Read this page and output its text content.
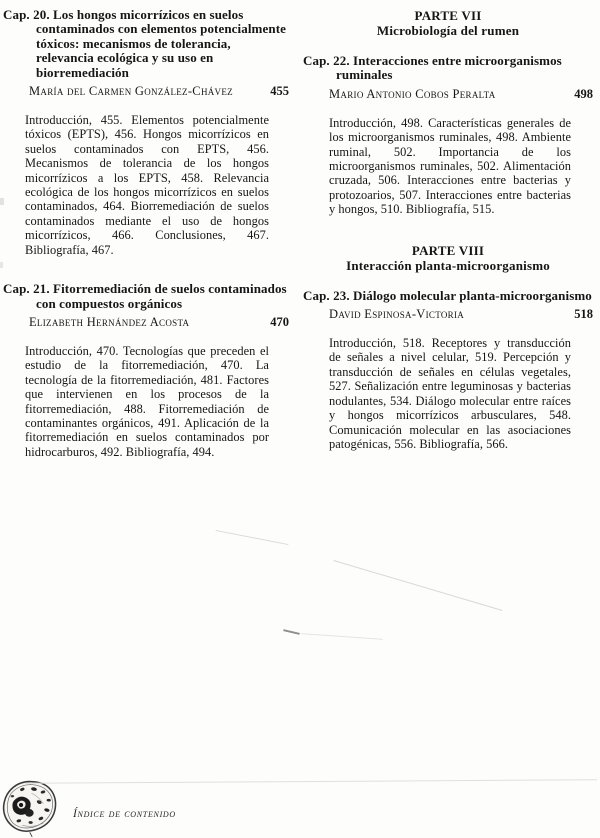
Cap. 20. Los hongos micorrízicos en suelos contaminados con elementos potencialmente tóxicos: mecanismos de tolerancia, relevancia ecológica y su uso en biorremediación
María del Carmen González-Chávez	455

Introducción, 455. Elementos potencialmente tóxicos (EPTS), 456. Hongos micorrízicos en suelos contaminados con EPTS, 456. Mecanismos de tolerancia de los hongos micorrízicos a los EPTS, 458. Relevancia ecológica de los hongos micorrízicos en suelos contaminados, 464. Biorremediación de suelos contaminados mediante el uso de hongos micorrízicos, 466. Conclusiones, 467. Bibliografía, 467.

Cap. 21. Fitorremediación de suelos contaminados con compuestos orgánicos
Elizabeth Hernández Acosta	470

Introducción, 470. Tecnologías que preceden el estudio de la fitorremediación, 470. La tecnología de la fitorremediación, 481. Factores que intervienen en los procesos de la fitorremediación, 488. Fitorremediación de contaminantes orgánicos, 491. Aplicación de la fitorremediación en suelos contaminados por hidrocarburos, 492. Bibliografía, 494.

PARTE VII
Microbiología del rumen
Cap. 22. Interacciones entre microorganismos ruminales
Mario Antonio Cobos Peralta	498

Introducción, 498. Características generales de los microorganismos ruminales, 498. Ambiente ruminal, 502. Importancia de los microorganismos ruminales, 502. Alimentación cruzada, 506. Interacciones entre bacterias y protozoarios, 507. Interacciones entre bacterias y hongos, 510. Bibliografía, 515.

PARTE VIII
Interacción planta-microorganismo
Cap. 23. Diálogo molecular planta-microorganismo
David Espinosa-Victoria	518

Introducción, 518. Receptores y transducción de señales a nivel celular, 519. Percepción y transducción de señales en células vegetales, 527. Señalización entre leguminosas y bacterias nodulantes, 534. Diálogo molecular entre raíces y hongos micorrízicos arbusculares, 548. Comunicación molecular en las asociaciones patogénicas, 556. Bibliografía, 566.

Índice de contenido
